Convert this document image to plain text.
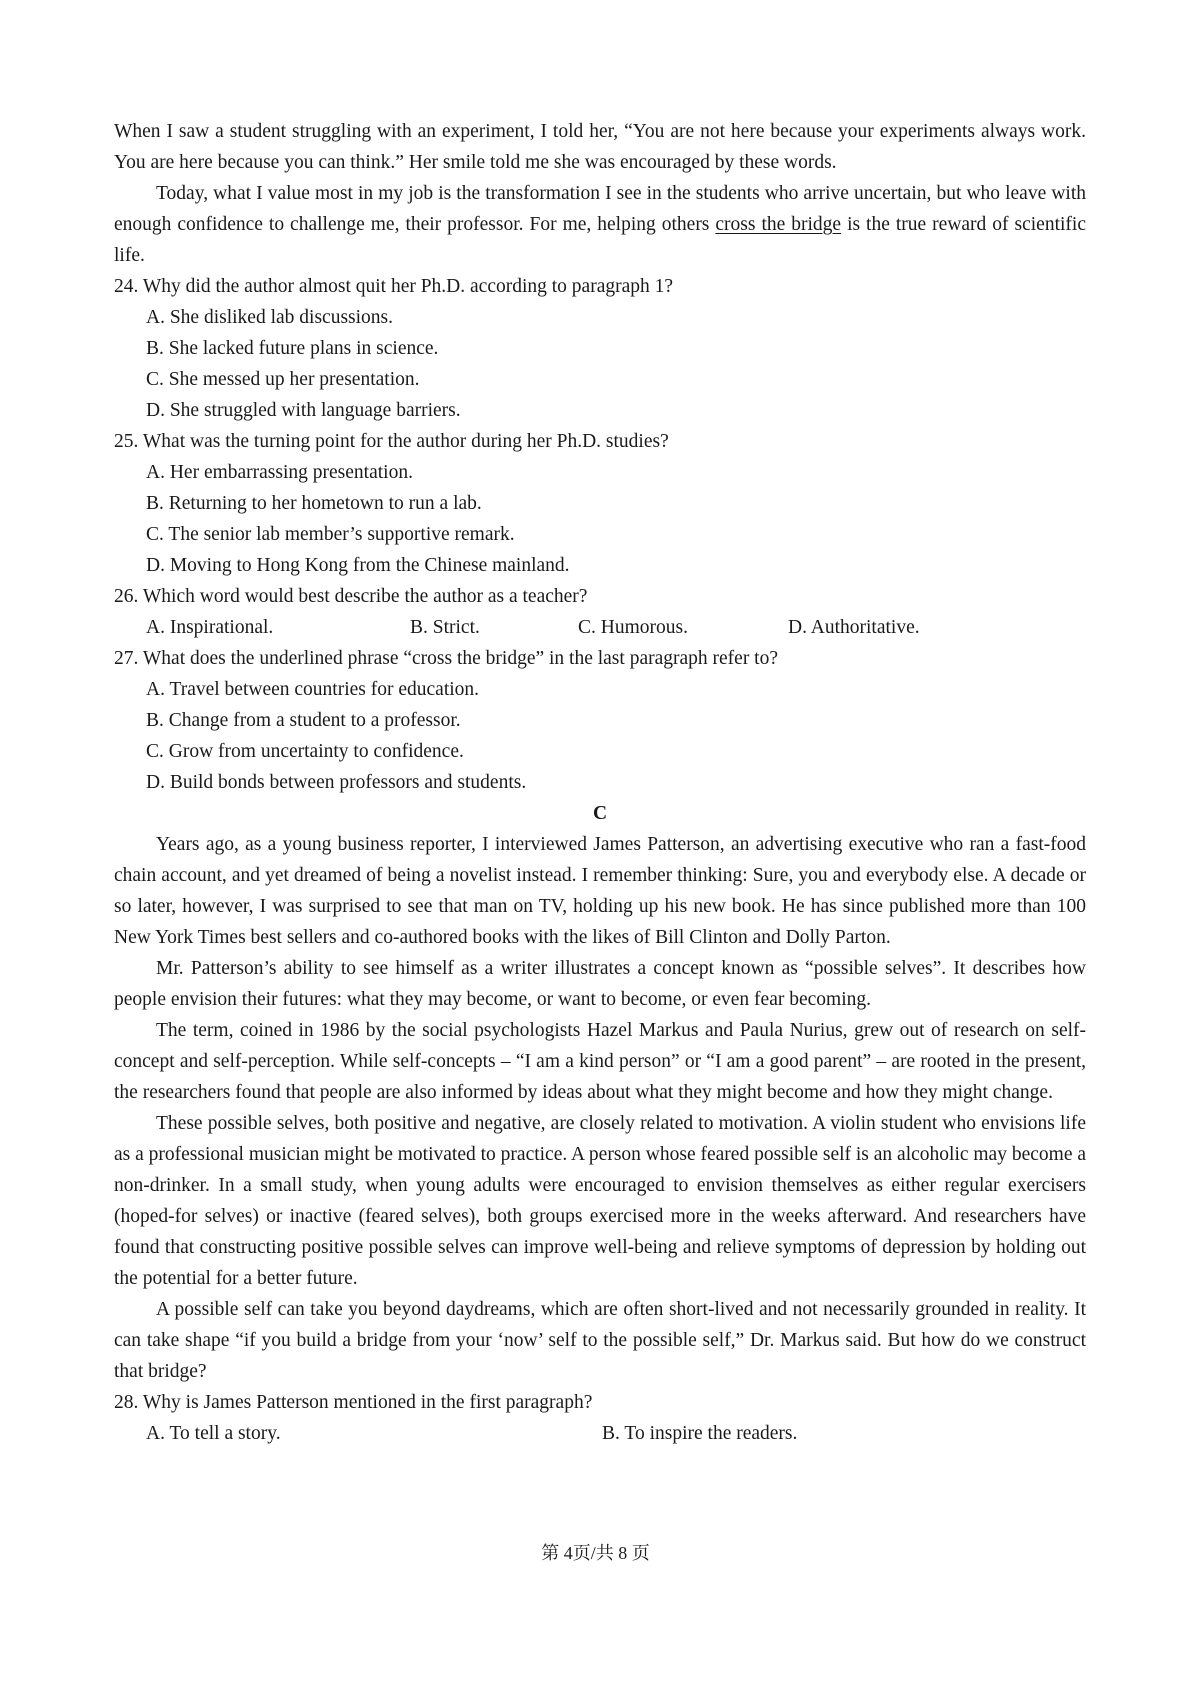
When I saw a student struggling with an experiment, I told her, “You are not here because your experiments always work. You are here because you can think.” Her smile told me she was encouraged by these words.

Today, what I value most in my job is the transformation I see in the students who arrive uncertain, but who leave with enough confidence to challenge me, their professor. For me, helping others cross the bridge is the true reward of scientific life.

24. Why did the author almost quit her Ph.D. according to paragraph 1?
A. She disliked lab discussions.
B. She lacked future plans in science.
C. She messed up her presentation.
D. She struggled with language barriers.
25. What was the turning point for the author during her Ph.D. studies?
A. Her embarrassing presentation.
B. Returning to her hometown to run a lab.
C. The senior lab member’s supportive remark.
D. Moving to Hong Kong from the Chinese mainland.
26. Which word would best describe the author as a teacher?
A. Inspirational.	B. Strict.	C. Humorous.	D. Authoritative.
27. What does the underlined phrase “cross the bridge” in the last paragraph refer to?
A. Travel between countries for education.
B. Change from a student to a professor.
C. Grow from uncertainty to confidence.
D. Build bonds between professors and students.
C

Years ago, as a young business reporter, I interviewed James Patterson, an advertising executive who ran a fast-food chain account, and yet dreamed of being a novelist instead. I remember thinking: Sure, you and everybody else. A decade or so later, however, I was surprised to see that man on TV, holding up his new book. He has since published more than 100 New York Times best sellers and co-authored books with the likes of Bill Clinton and Dolly Parton.

Mr. Patterson’s ability to see himself as a writer illustrates a concept known as “possible selves”. It describes how people envision their futures: what they may become, or want to become, or even fear becoming.

The term, coined in 1986 by the social psychologists Hazel Markus and Paula Nurius, grew out of research on self-concept and self-perception. While self-concepts – “I am a kind person” or “I am a good parent” – are rooted in the present, the researchers found that people are also informed by ideas about what they might become and how they might change.

These possible selves, both positive and negative, are closely related to motivation. A violin student who envisions life as a professional musician might be motivated to practice. A person whose feared possible self is an alcoholic may become a non-drinker. In a small study, when young adults were encouraged to envision themselves as either regular exercisers (hoped-for selves) or inactive (feared selves), both groups exercised more in the weeks afterward. And researchers have found that constructing positive possible selves can improve well-being and relieve symptoms of depression by holding out the potential for a better future.

A possible self can take you beyond daydreams, which are often short-lived and not necessarily grounded in reality. It can take shape “if you build a bridge from your ‘now’ self to the possible self,” Dr. Markus said. But how do we construct that bridge?

28. Why is James Patterson mentioned in the first paragraph?
A. To tell a story.	B. To inspire the readers.
第 4页/共 8 页
